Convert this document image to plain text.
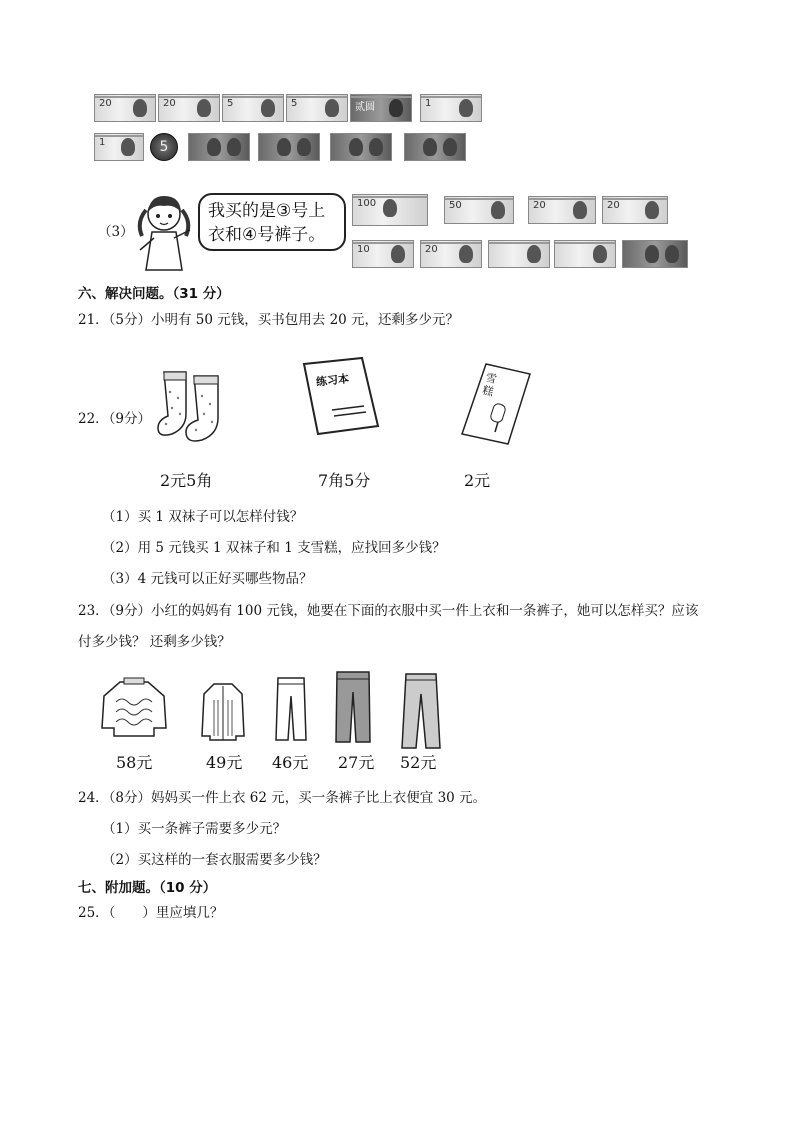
20	20	5	5	贰圆	1
1	5
（3）
我买的是③号上
衣和④号裤子。
100	50	20	20
10	20
六、解决问题。（31 分）
21．（5分）小明有 50 元钱，买书包用去 20 元，还剩多少元？
22．（9分）
练习本	雪糕
2元5角	7角5分	2元
（1）买 1 双袜子可以怎样付钱？
（2）用 5 元钱买 1 双袜子和 1 支雪糕，应找回多少钱？
（3）4 元钱可以正好买哪些物品？
23．（9分）小红的妈妈有 100 元钱，她要在下面的衣服中买一件上衣和一条裤子，她可以怎样买？应该
付多少钱？ 还剩多少钱？
58元	49元 46元 27元 52元
24．（8分）妈妈买一件上衣 62 元，买一条裤子比上衣便宜 30 元。
（1）买一条裤子需要多少元？
（2）买这样的一套衣服需要多少钱？
七、附加题。（10 分）
25．（　　）里应填几？
